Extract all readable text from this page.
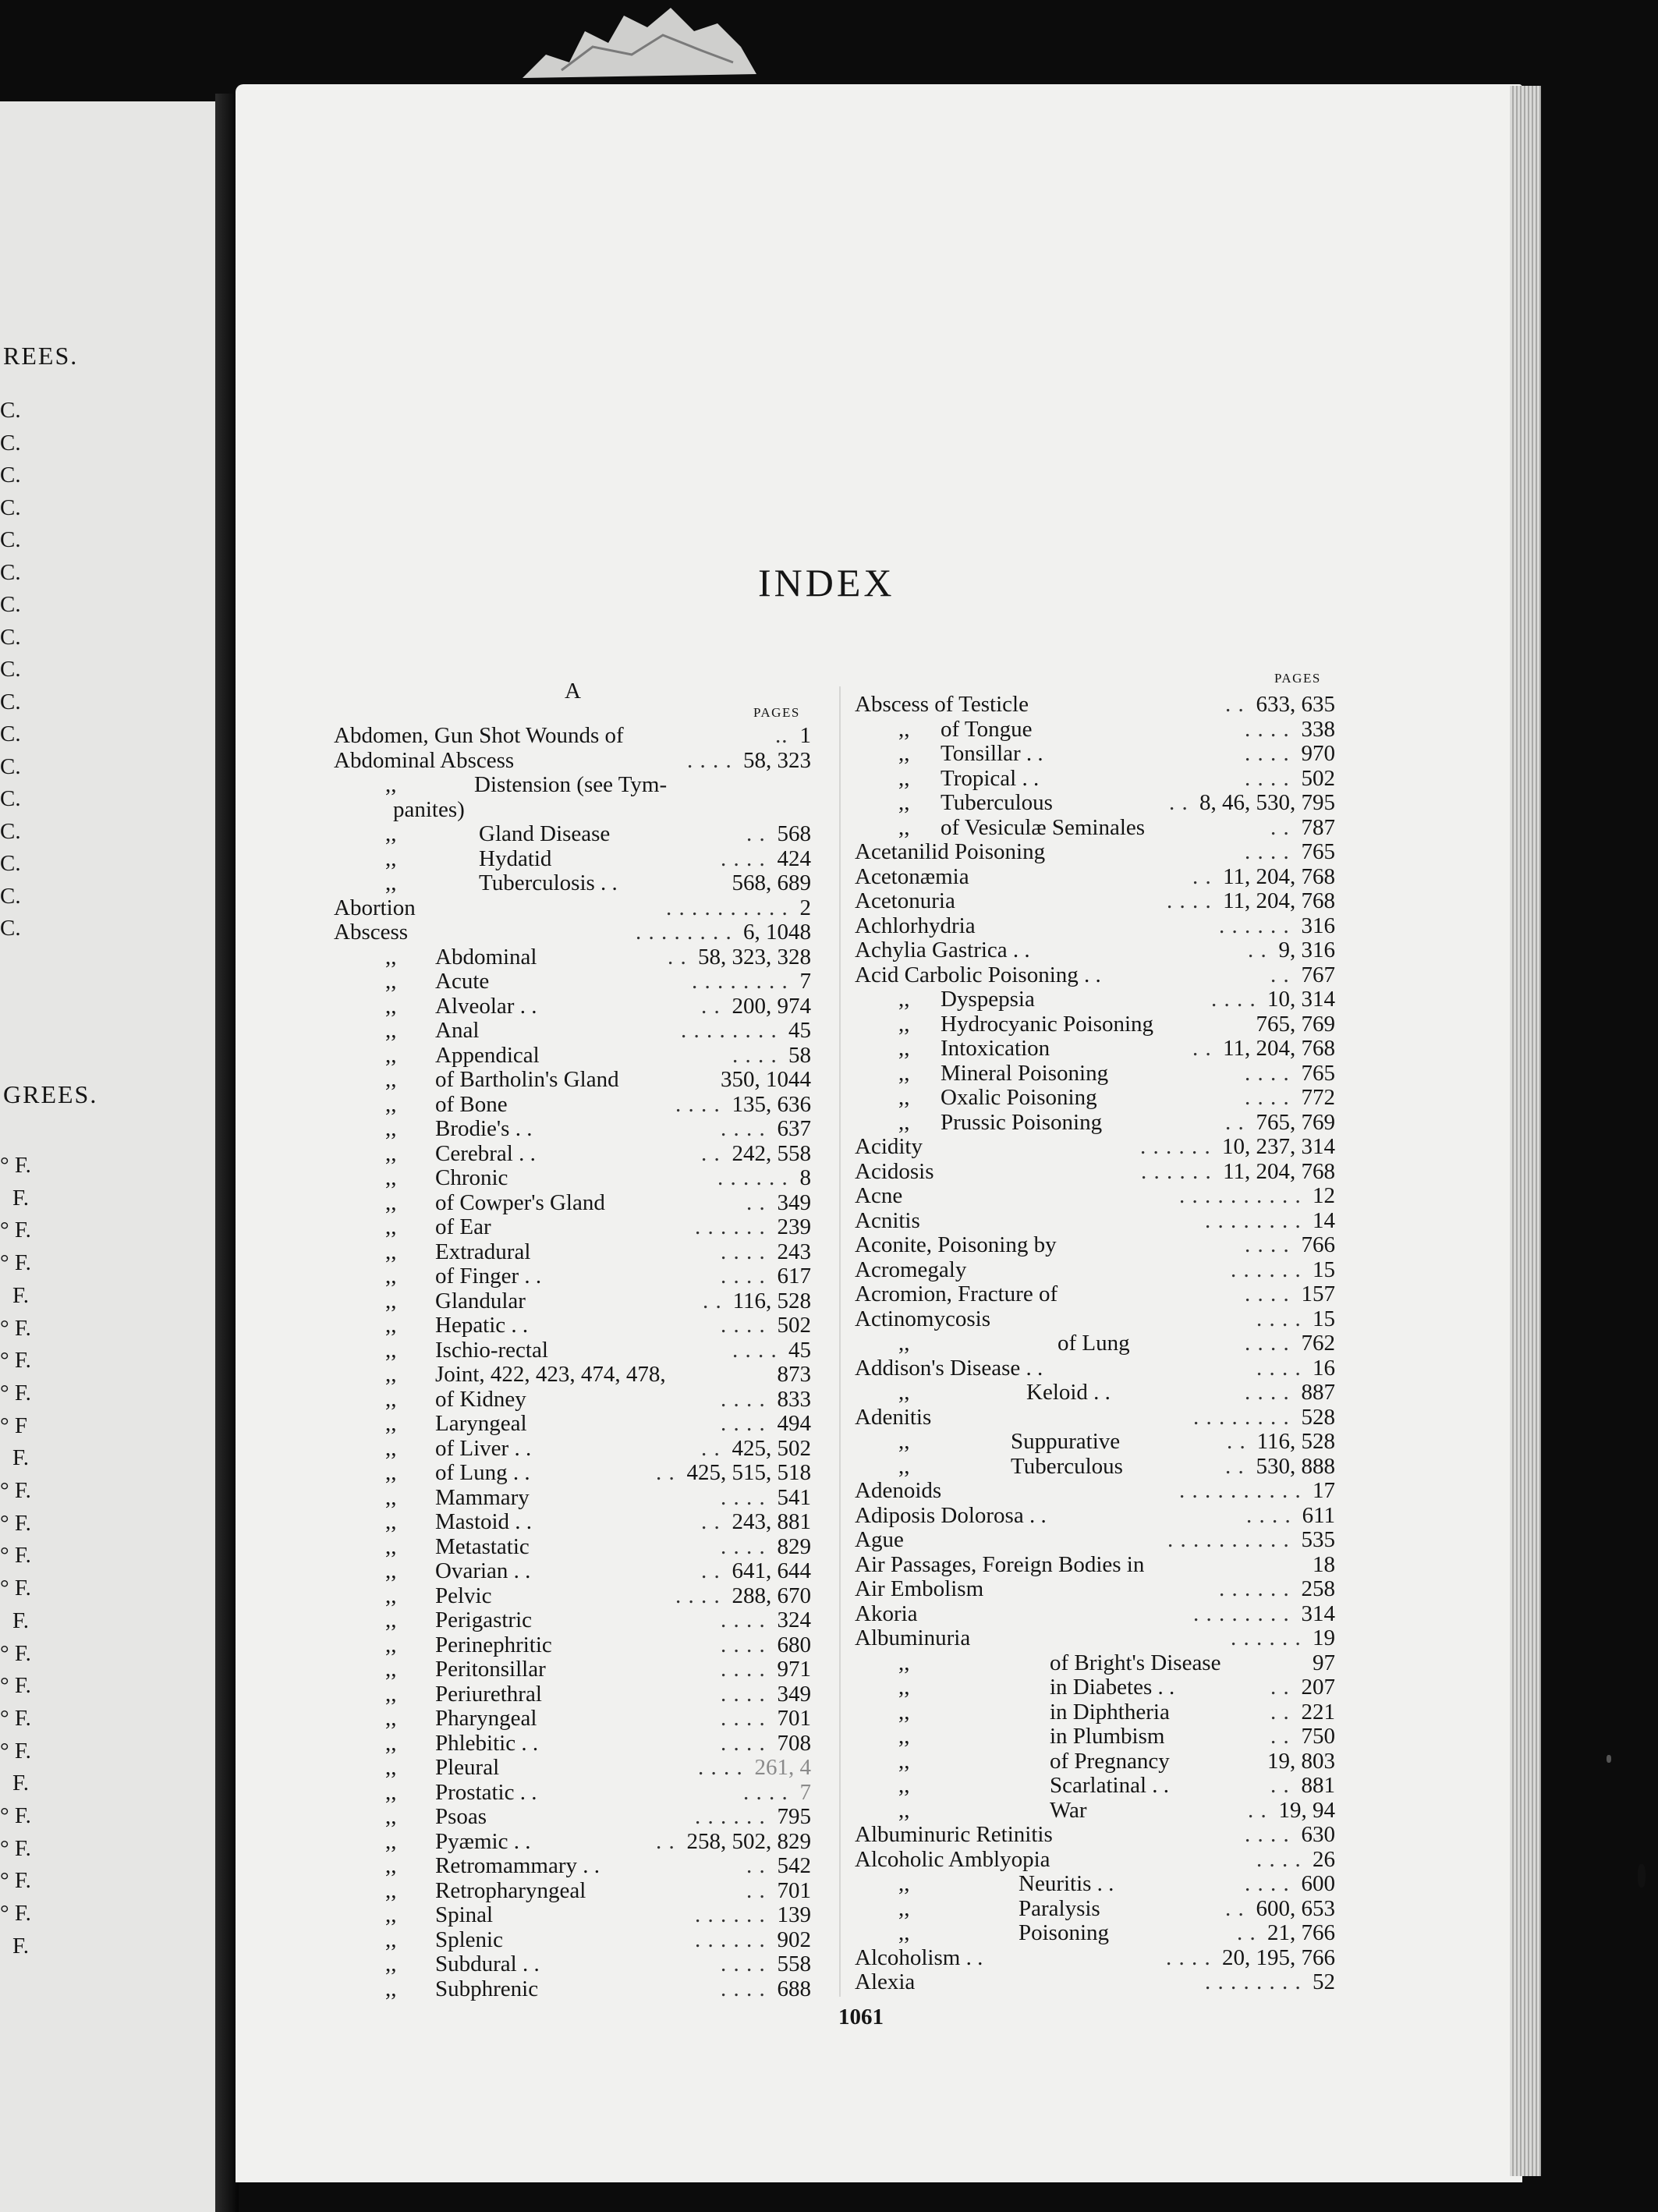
REES.
C.
C.
C.
C.
C.
C.
C.
C.
C.
C.
C.
C.
C.
C.
C.
C.
C.
GREES.
° F.
F.
° F.
° F.
F.
° F.
° F.
° F.
° F
F.
° F.
° F.
° F.
° F.
F.
° F.
° F.
° F.
° F.
F.
° F.
° F.
° F.
° F.
F.
INDEX
A
PAGES
PAGES
Abdomen, Gun Shot Wounds of	.. 1
Abdominal Abscess	. . . . 58, 323
,,	Distension (see Tym-
panites)
,,	Gland Disease	. . 568
,,	Hydatid	. . . . 424
,,	Tuberculosis . .	568, 689
Abortion	. . . . . . . . . . 2
Abscess	. . . . . . . . 6, 1048
,, Abdominal	. . 58, 323, 328
,, Acute	. . . . . . . . 7
,, Alveolar . .	. . 200, 974
,, Anal	. . . . . . . . 45
,, Appendical	. . . . 58
,, of Bartholin's Gland	350, 1044
,, of Bone	. . . . 135, 636
,, Brodie's . .	. . . . 637
,, Cerebral . .	. . 242, 558
,, Chronic	. . . . . . 8
,, of Cowper's Gland	. . 349
,, of Ear	. . . . . . 239
,, Extradural	. . . . 243
,, of Finger . .	. . . . 617
,, Glandular	. . 116, 528
,, Hepatic . .	. . . . 502
,, Ischio-rectal	. . . . 45
,, Joint, 422, 423, 474, 478,	873
,, of Kidney	. . . . 833
,, Laryngeal	. . . . 494
,, of Liver . .	. . 425, 502
,, of Lung . .	. . 425, 515, 518
,, Mammary	. . . . 541
,, Mastoid . .	. . 243, 881
,, Metastatic	. . . . 829
,, Ovarian . .	. . 641, 644
,, Pelvic	. . . . 288, 670
,, Perigastric	. . . . 324
,, Perinephritic	. . . . 680
,, Peritonsillar	. . . . 971
,, Periurethral	. . . . 349
,, Pharyngeal	. . . . 701
,, Phlebitic . .	. . . . 708
,, Pleural	. . . . 261, 4
,, Prostatic . .	. . . . 7
,, Psoas	. . . . . . 795
,, Pyæmic . .	. . 258, 502, 829
,, Retromammary . .	. . 542
,, Retropharyngeal	. . 701
,, Spinal	. . . . . . 139
,, Splenic	. . . . . . 902
,, Subdural . .	. . . . 558
,, Subphrenic	. . . . 688
Abscess of Testicle	. . 633, 635
,, of Tongue	. . . . 338
,, Tonsillar . .	. . . . 970
,, Tropical . .	. . . . 502
,, Tuberculous	. . 8, 46, 530, 795
,, of Vesiculæ Seminales	. . 787
Acetanilid Poisoning	. . . . 765
Acetonæmia	. . 11, 204, 768
Acetonuria	. . . . 11, 204, 768
Achlorhydria	. . . . . . 316
Achylia Gastrica . .	. . 9, 316
Acid Carbolic Poisoning . .	. . 767
,, Dyspepsia	. . . . 10, 314
,, Hydrocyanic Poisoning	765, 769
,, Intoxication	. . 11, 204, 768
,, Mineral Poisoning	. . . . 765
,, Oxalic Poisoning	. . . . 772
,, Prussic Poisoning	. . 765, 769
Acidity	. . . . . . 10, 237, 314
Acidosis	. . . . . . 11, 204, 768
Acne	. . . . . . . . . . 12
Acnitis	. . . . . . . . 14
Aconite, Poisoning by	. . . . 766
Acromegaly	. . . . . . 15
Acromion, Fracture of	. . . . 157
Actinomycosis	. . . . 15
,,	of Lung	. . . . 762
Addison's Disease . .	. . . . 16
,,	Keloid . .	. . . . 887
Adenitis	. . . . . . . . 528
,,	Suppurative	. . 116, 528
,,	Tuberculous	. . 530, 888
Adenoids	. . . . . . . . . . 17
Adiposis Dolorosa . .	. . . . 611
Ague	. . . . . . . . . . 535
Air Passages, Foreign Bodies in	18
Air Embolism	. . . . . . 258
Akoria	. . . . . . . . 314
Albuminuria	. . . . . . 19
,,	of Bright's Disease	97
,,	in Diabetes . .	. . 207
,,	in Diphtheria	. . 221
,,	in Plumbism	. . 750
,,	of Pregnancy	19, 803
,,	Scarlatinal . .	. . 881
,,	War	. . 19, 94
Albuminuric Retinitis	. . . . 630
Alcoholic Amblyopia	. . . . 26
,,	Neuritis . .	. . . . 600
,,	Paralysis	. . 600, 653
,,	Poisoning	. . 21, 766
Alcoholism . .	. . . . 20, 195, 766
Alexia	. . . . . . . . 52
1061
